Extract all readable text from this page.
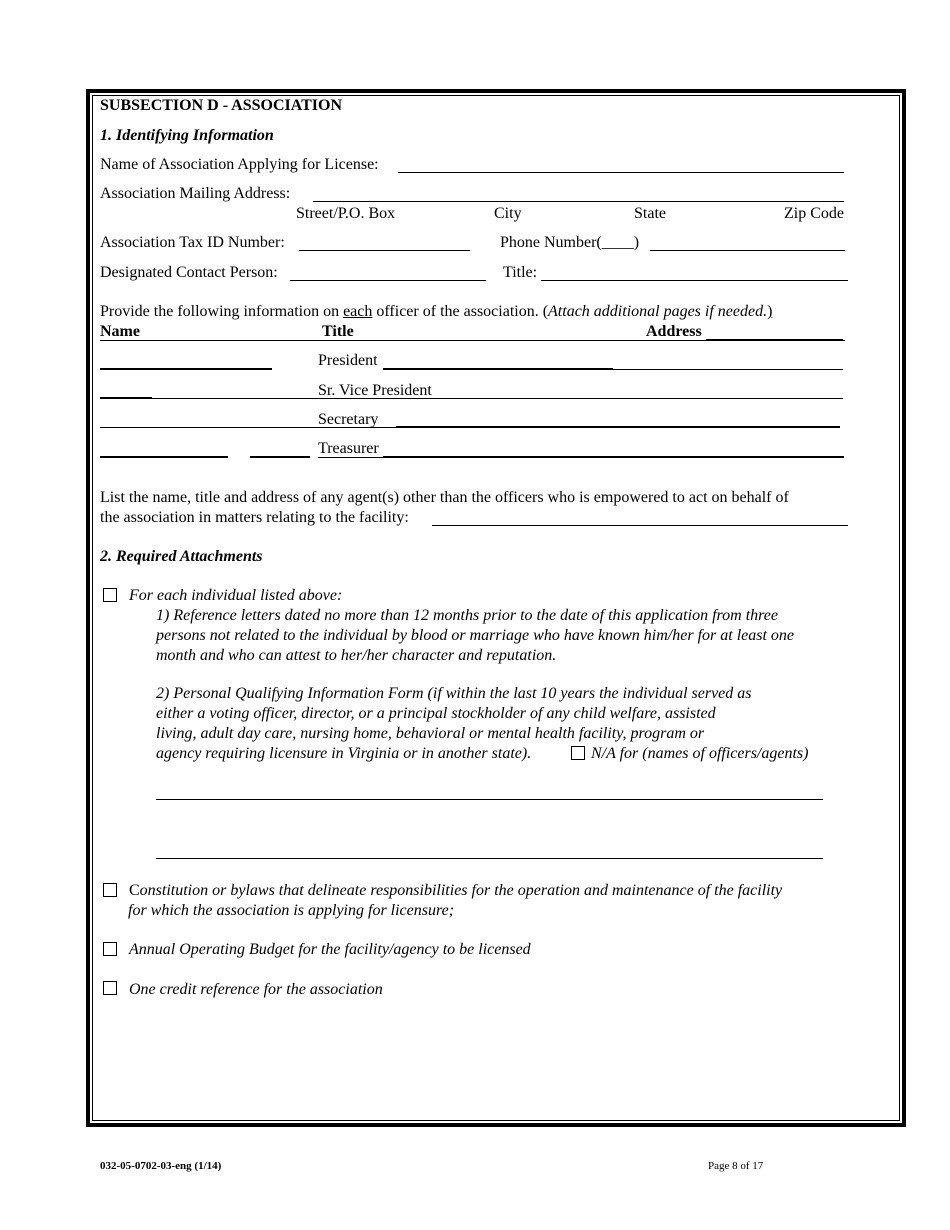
SUBSECTION D - ASSOCIATION
1. Identifying Information
Name of Association Applying for License:
Association Mailing Address:
Street/P.O. Box	City	State	Zip Code
Association Tax ID Number:	Phone Number(____)
Designated Contact Person:	Title:
Provide the following information on each officer of the association. (Attach additional pages if needed.)
Name	Title	Address
President
Sr. Vice President
Secretary
Treasurer
List the name, title and address of any agent(s) other than the officers who is empowered to act on behalf of
the association in matters relating to the facility:
2. Required Attachments
For each individual listed above:
1) Reference letters dated no more than 12 months prior to the date of this application from three
persons not related to the individual by blood or marriage who have known him/her for at least one
month and who can attest to her/her character and reputation.
2) Personal Qualifying Information Form (if within the last 10 years the individual served as
either a voting officer, director, or a principal stockholder of any child welfare, assisted
living, adult day care, nursing home, behavioral or mental health facility, program or
agency requiring licensure in Virginia or in another state).	N/A for (names of officers/agents)
Constitution or bylaws that delineate responsibilities for the operation and maintenance of the facility
for which the association is applying for licensure;
Annual Operating Budget for the facility/agency to be licensed
One credit reference for the association
032-05-0702-03-eng (1/14)	Page 8 of 17
